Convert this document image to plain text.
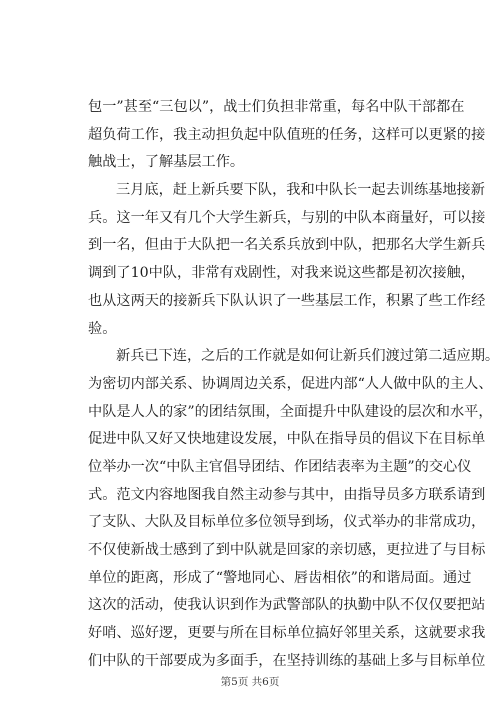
包一”甚至“三包以”，战士们负担非常重，每名中队干部都在
超负荷工作，我主动担负起中队值班的任务，这样可以更紧的接
触战士，了解基层工作。
三月底，赶上新兵要下队，我和中队长一起去训练基地接新
兵。这一年又有几个大学生新兵，与别的中队本商量好，可以接
到一名，但由于大队把一名关系兵放到中队，把那名大学生新兵
调到了10中队，非常有戏剧性，对我来说这些都是初次接触，
也从这两天的接新兵下队认识了一些基层工作，积累了些工作经
验。
新兵已下连，之后的工作就是如何让新兵们渡过第二适应期。
为密切内部关系、协调周边关系，促进内部“人人做中队的主人、
中队是人人的家”的团结氛围，全面提升中队建设的层次和水平，
促进中队又好又快地建设发展，中队在指导员的倡议下在目标单
位举办一次“中队主官倡导团结、作团结表率为主题”的交心仪
式。范文内容地图我自然主动参与其中，由指导员多方联系请到
了支队、大队及目标单位多位领导到场，仪式举办的非常成功，
不仅使新战士感到了到中队就是回家的亲切感，更拉进了与目标
单位的距离，形成了“警地同心、唇齿相依”的和谐局面。通过
这次的活动，使我认识到作为武警部队的执勤中队不仅仅要把站
好哨、巡好逻，更要与所在目标单位搞好邻里关系，这就要求我
们中队的干部要成为多面手，在坚持训练的基础上多与目标单位
第5页 共6页
